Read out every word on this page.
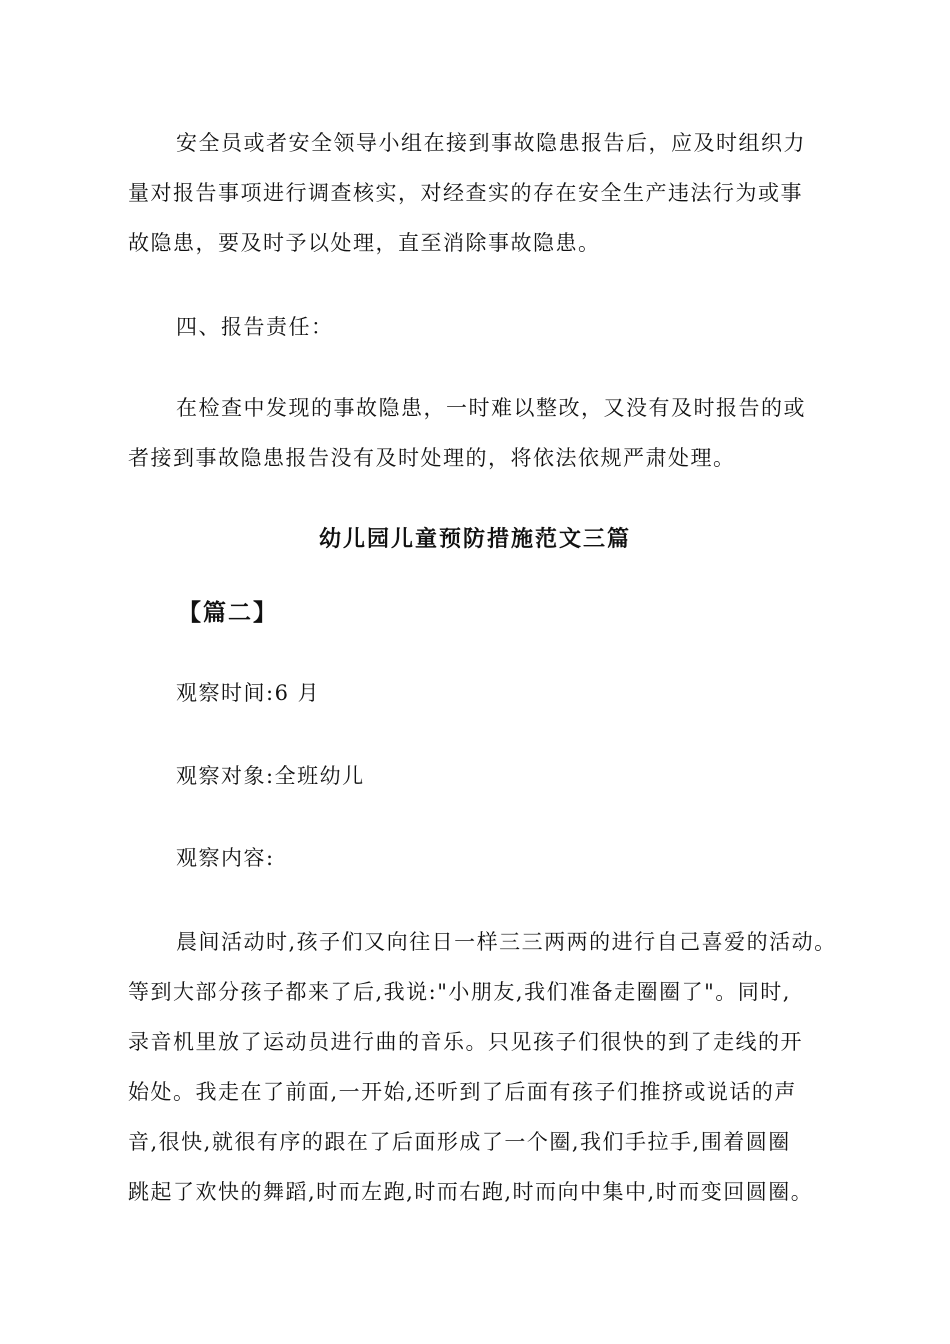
安全员或者安全领导小组在接到事故隐患报告后，应及时组织力
量对报告事项进行调查核实，对经查实的存在安全生产违法行为或事
故隐患，要及时予以处理，直至消除事故隐患。

四、报告责任：

在检查中发现的事故隐患，一时难以整改，又没有及时报告的或
者接到事故隐患报告没有及时处理的，将依法依规严肃处理。

幼儿园儿童预防措施范文三篇

【篇二】

观察时间:6 月

观察对象:全班幼儿

观察内容:

晨间活动时,孩子们又向往日一样三三两两的进行自己喜爱的活动。
等到大部分孩子都来了后,我说:"小朋友,我们准备走圈圈了"。同时,
录音机里放了运动员进行曲的音乐。只见孩子们很快的到了走线的开
始处。我走在了前面,一开始,还听到了后面有孩子们推挤或说话的声
音,很快,就很有序的跟在了后面形成了一个圈,我们手拉手,围着圆圈
跳起了欢快的舞蹈,时而左跑,时而右跑,时而向中集中,时而变回圆圈。
